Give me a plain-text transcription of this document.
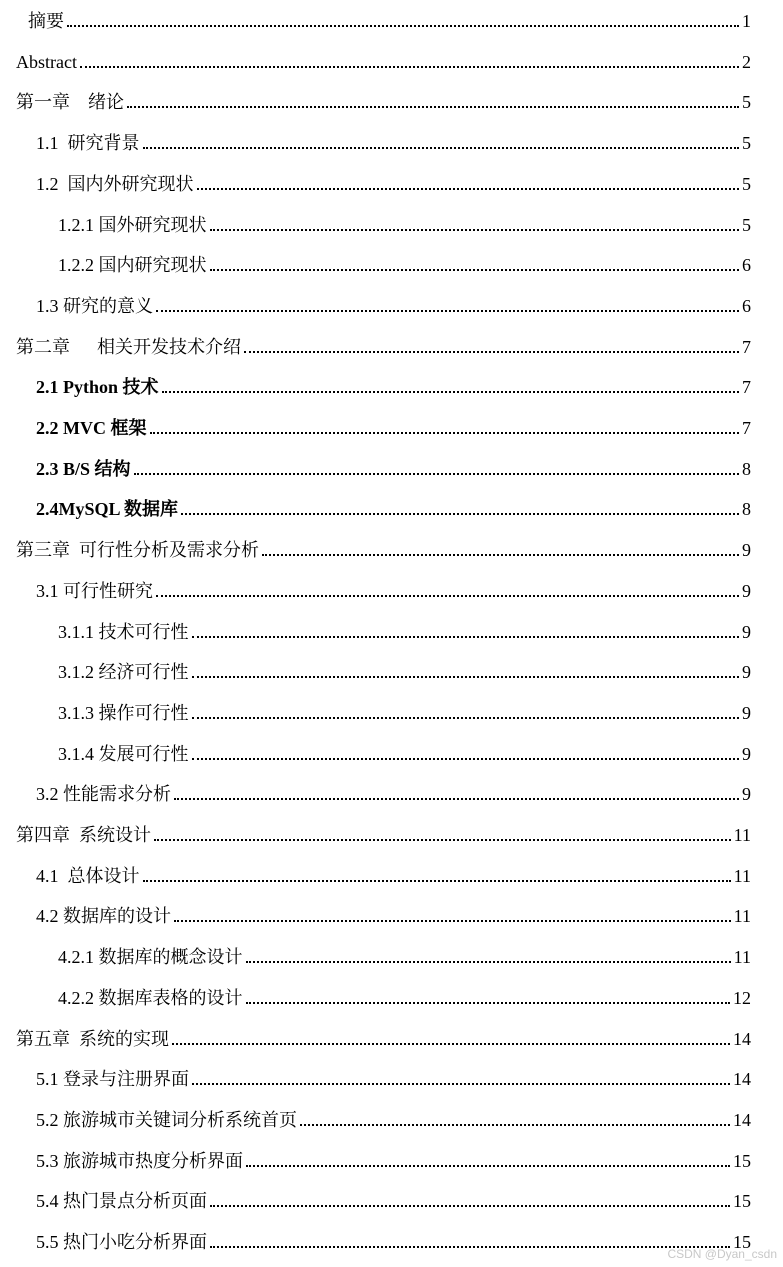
摘要	1
Abstract	2
第一章    绪论	5
1.1  研究背景	5
1.2  国内外研究现状	5
1.2.1 国外研究现状	5
1.2.2 国内研究现状	6
1.3 研究的意义	6
第二章      相关开发技术介绍	7
2.1 Python 技术	7
2.2 MVC 框架	7
2.3 B/S 结构	8
2.4MySQL 数据库	8
第三章  可行性分析及需求分析	9
3.1 可行性研究	9
3.1.1 技术可行性	9
3.1.2 经济可行性	9
3.1.3 操作可行性	9
3.1.4 发展可行性	9
3.2 性能需求分析	9
第四章  系统设计	11
4.1  总体设计	11
4.2 数据库的设计	11
4.2.1 数据库的概念设计	11
4.2.2 数据库表格的设计	12
第五章  系统的实现	14
5.1 登录与注册界面	14
5.2 旅游城市关键词分析系统首页	14
5.3 旅游城市热度分析界面	15
5.4 热门景点分析页面	15
5.5 热门小吃分析界面	15
CSDN @Dyan_csdn
